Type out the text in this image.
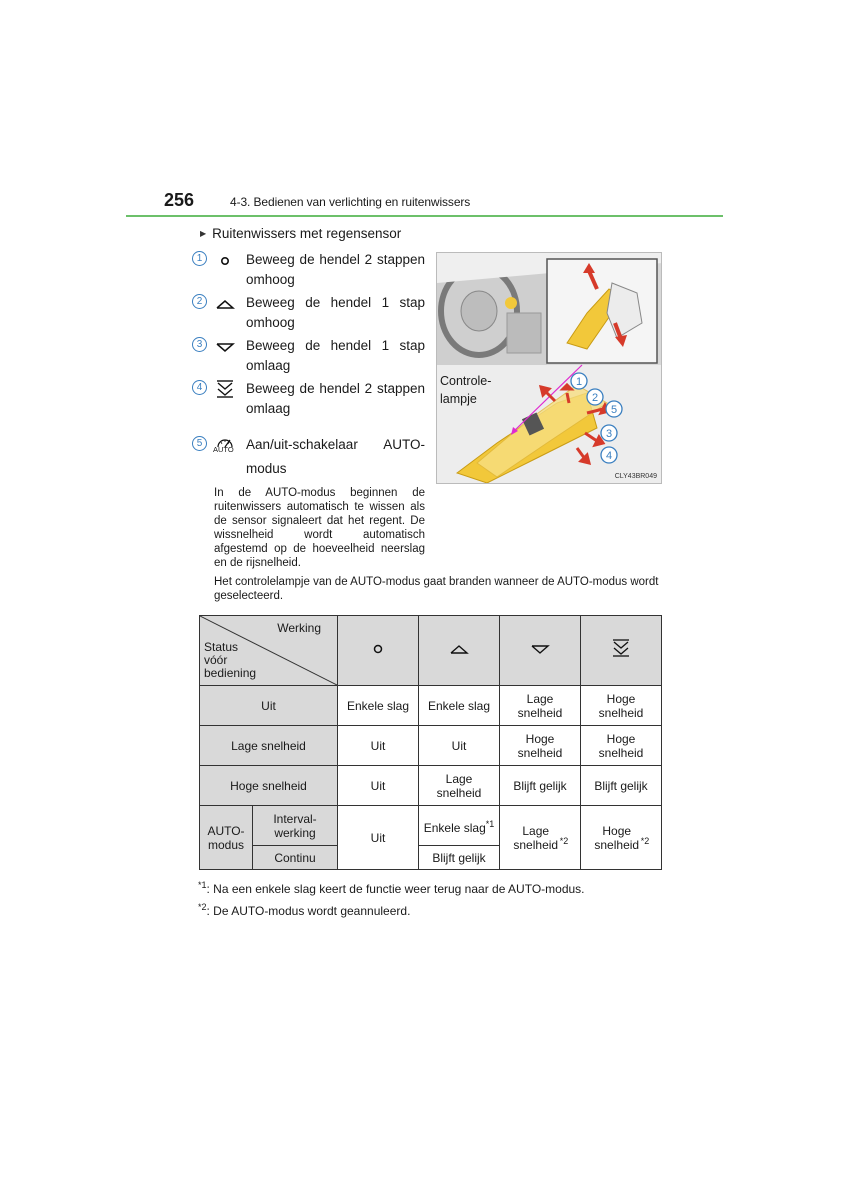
256	4-3. Bedienen van verlichting en ruitenwissers
▶ Ruitenwissers met regensensor
1	Beweeg de hendel 2 stappen
omhoog
2	Beweeg de hendel 1 stap
omhoog
3	Beweeg de hendel 1 stap
omlaag
4	Beweeg de hendel 2 stappen
omlaag
5
AUTO Aan/uit-schakelaar AUTO-
modus
In de AUTO-modus beginnen de ruitenwissers automatisch te wissen als de sensor signaleert dat het regent. De wissnelheid wordt automatisch afgestemd op de hoeveelheid neerslag en de rijsnelheid.
Het controlelampje van de AUTO-modus gaat branden wanneer de AUTO-modus wordt geselecteerd.
1
2
5
3
4
CLY43BR049
Controle-
lampje
Werking
Status vóór bediening

Uit		Enkele slag	Enkele slag	Lage snelheid	Hoge snelheid
Lage snelheid		Uit	Uit	Hoge snelheid	Hoge snelheid
Hoge snelheid		Uit	Lage snelheid	Blijft gelijk	Blijft gelijk
AUTO-modus	Interval-werking	Uit	Enkele slag$^{*1}$	Lage snelheid $^{*2}$	Hoge snelheid $^{*2}$
	Continu		Blijft gelijk		
$^{*1}$: Na een enkele slag keert de functie weer terug naar de AUTO-modus.
$^{*2}$: De AUTO-modus wordt geannuleerd.
